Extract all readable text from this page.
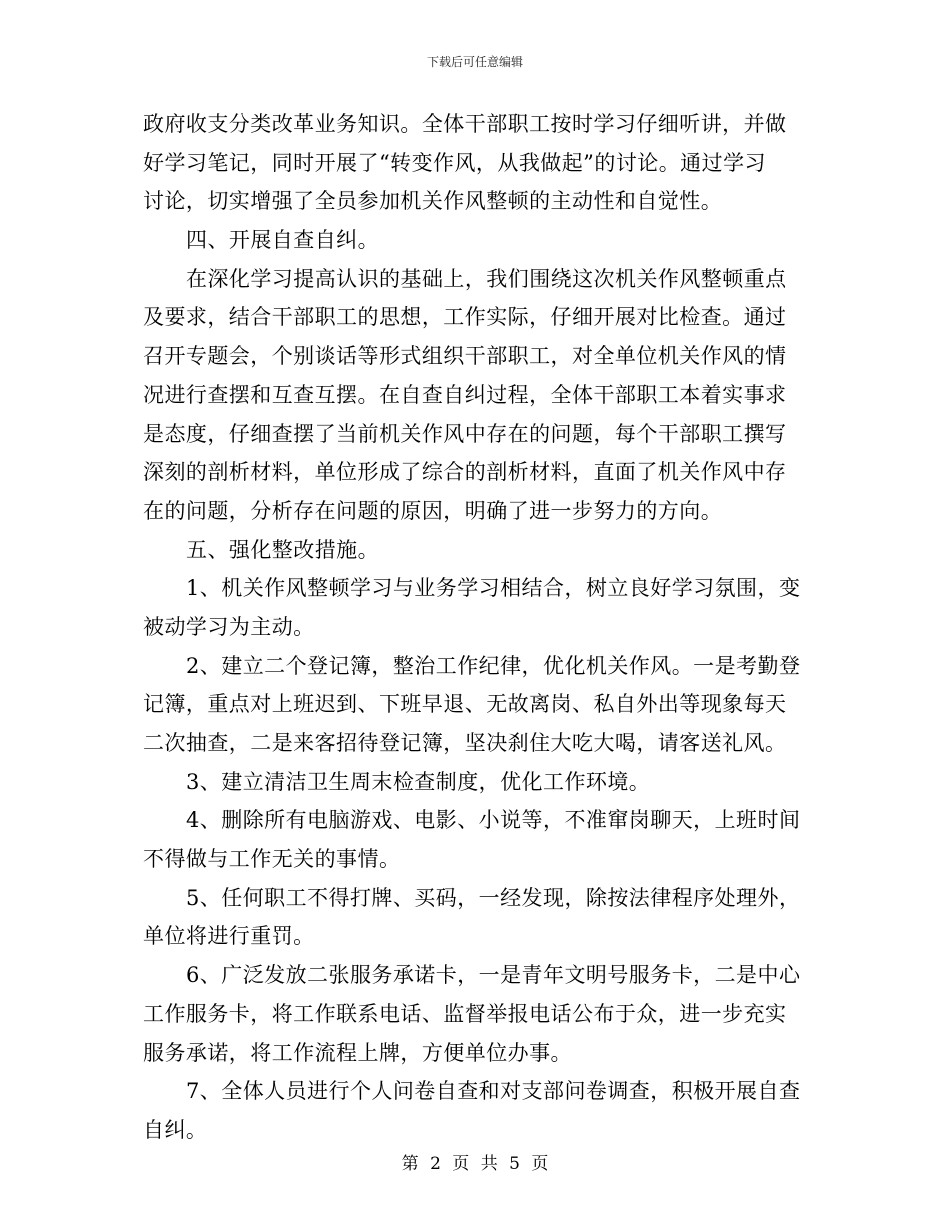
下载后可任意编辑
政府收支分类改革业务知识。全体干部职工按时学习仔细听讲，并做
好学习笔记，同时开展了“转变作风，从我做起”的讨论。通过学习
讨论，切实增强了全员参加机关作风整顿的主动性和自觉性。
四、开展自查自纠。
在深化学习提高认识的基础上，我们围绕这次机关作风整顿重点
及要求，结合干部职工的思想，工作实际，仔细开展对比检查。通过
召开专题会，个别谈话等形式组织干部职工，对全单位机关作风的情
况进行查摆和互查互摆。在自查自纠过程，全体干部职工本着实事求
是态度，仔细查摆了当前机关作风中存在的问题，每个干部职工撰写
深刻的剖析材料，单位形成了综合的剖析材料，直面了机关作风中存
在的问题，分析存在问题的原因，明确了进一步努力的方向。
五、强化整改措施。
1、机关作风整顿学习与业务学习相结合，树立良好学习氛围，变
被动学习为主动。
2、建立二个登记簿，整治工作纪律，优化机关作风。一是考勤登
记簿，重点对上班迟到、下班早退、无故离岗、私自外出等现象每天
二次抽查，二是来客招待登记簿，坚决刹住大吃大喝，请客送礼风。
3、建立清洁卫生周末检查制度，优化工作环境。
4、删除所有电脑游戏、电影、小说等，不准窜岗聊天，上班时间
不得做与工作无关的事情。
5、任何职工不得打牌、买码，一经发现，除按法律程序处理外，
单位将进行重罚。
6、广泛发放二张服务承诺卡，一是青年文明号服务卡，二是中心
工作服务卡，将工作联系电话、监督举报电话公布于众，进一步充实
服务承诺，将工作流程上牌，方便单位办事。
7、全体人员进行个人问卷自查和对支部问卷调查，积极开展自查
自纠。
第 2 页 共 5 页
